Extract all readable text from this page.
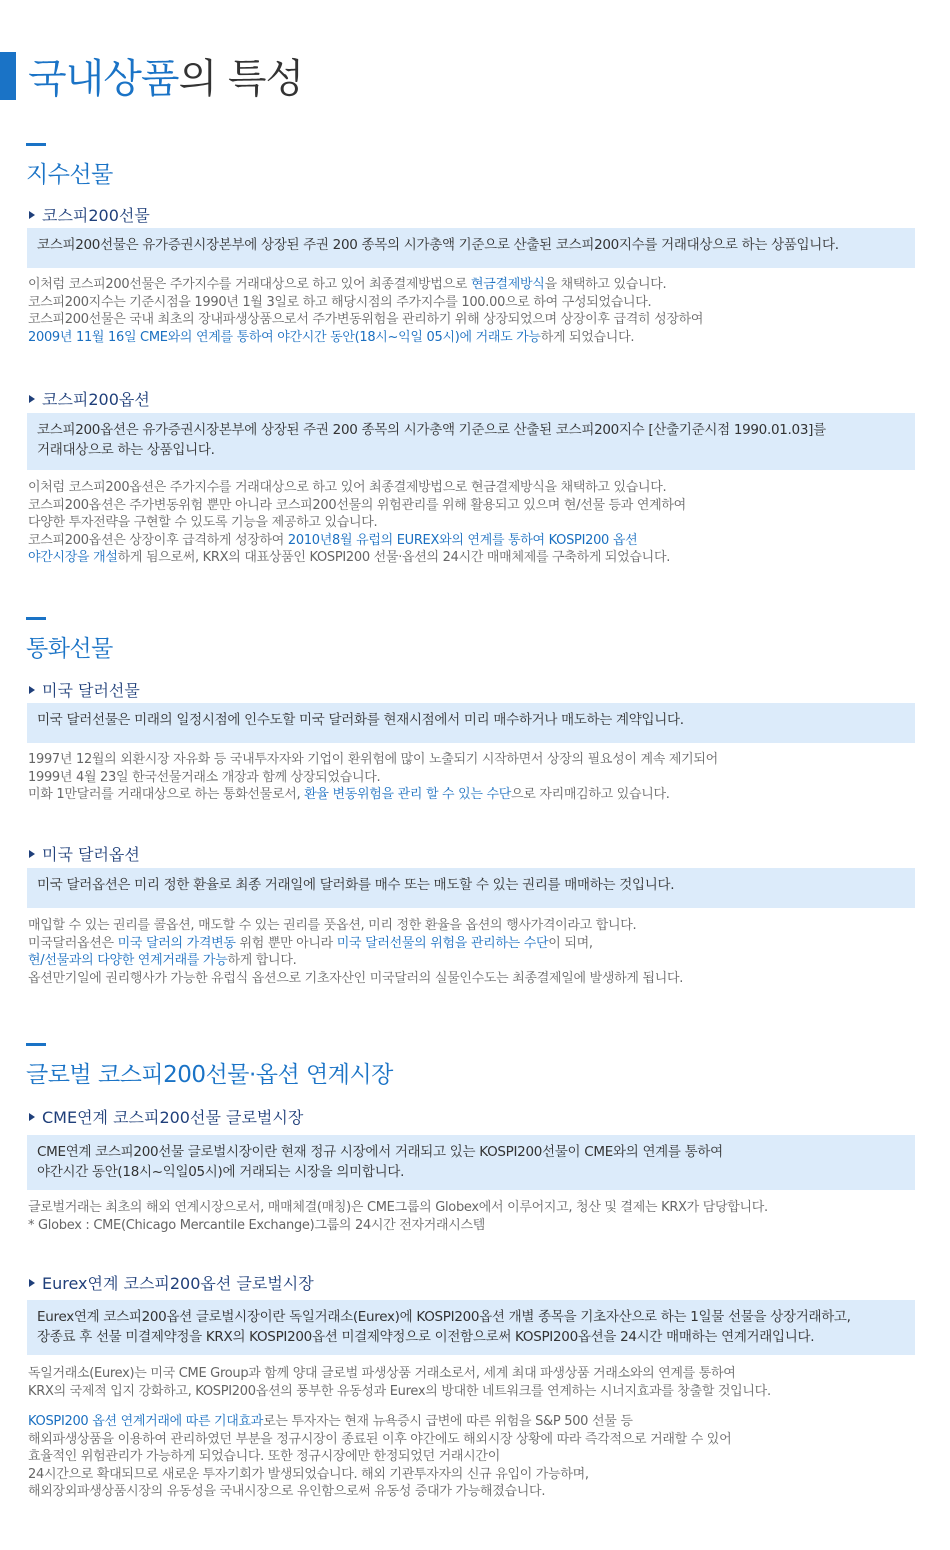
국내상품의 특성
지수선물
코스피200선물
코스피200선물은 유가증권시장본부에 상장된 주권 200 종목의 시가총액 기준으로 산출된 코스피200지수를 거래대상으로 하는 상품입니다.
이처럼 코스피200선물은 주가지수를 거래대상으로 하고 있어 최종결제방법으로 현금결제방식을 채택하고 있습니다.
코스피200지수는 기준시점을 1990년 1월 3일로 하고 해당시점의 주가지수를 100.00으로 하여 구성되었습니다.
코스피200선물은 국내 최초의 장내파생상품으로서 주가변동위험을 관리하기 위해 상장되었으며 상장이후 급격히 성장하여
2009년 11월 16일 CME와의 연계를 통하여 야간시간 동안(18시~익일 05시)에 거래도 가능하게 되었습니다.
코스피200옵션
코스피200옵션은 유가증권시장본부에 상장된 주권 200 종목의 시가총액 기준으로 산출된 코스피200지수 [산출기준시점 1990.01.03]를
거래대상으로 하는 상품입니다.
이처럼 코스피200옵션은 주가지수를 거래대상으로 하고 있어 최종결제방법으로 현금결제방식을 채택하고 있습니다.
코스피200옵션은 주가변동위험 뿐만 아니라 코스피200선물의 위험관리를 위해 활용되고 있으며 현/선물 등과 연계하여
다양한 투자전략을 구현할 수 있도록 기능을 제공하고 있습니다.
코스피200옵션은 상장이후 급격하게 성장하여 2010년8월 유럽의 EUREX와의 연계를 통하여 KOSPI200 옵션
야간시장을 개설하게 됨으로써, KRX의 대표상품인 KOSPI200 선물·옵션의 24시간 매매체제를 구축하게 되었습니다.
통화선물
미국 달러선물
미국 달러선물은 미래의 일정시점에 인수도할 미국 달러화를 현재시점에서 미리 매수하거나 매도하는 계약입니다.
1997년 12월의 외환시장 자유화 등 국내투자자와 기업이 환위험에 많이 노출되기 시작하면서 상장의 필요성이 계속 제기되어
1999년 4월 23일 한국선물거래소 개장과 함께 상장되었습니다.
미화 1만달러를 거래대상으로 하는 통화선물로서, 환율 변동위험을 관리 할 수 있는 수단으로 자리매김하고 있습니다.
미국 달러옵션
미국 달러옵션은 미리 정한 환율로 최종 거래일에 달러화를 매수 또는 매도할 수 있는 권리를 매매하는 것입니다.
매입할 수 있는 권리를 콜옵션, 매도할 수 있는 권리를 풋옵션, 미리 정한 환율을 옵션의 행사가격이라고 합니다.
미국달러옵션은 미국 달러의 가격변동 위험 뿐만 아니라 미국 달러선물의 위험을 관리하는 수단이 되며,
현/선물과의 다양한 연계거래를 가능하게 합니다.
옵션만기일에 권리행사가 가능한 유럽식 옵션으로 기초자산인 미국달러의 실물인수도는 최종결제일에 발생하게 됩니다.
글로벌 코스피200선물·옵션 연계시장
CME연계 코스피200선물 글로벌시장
CME연계 코스피200선물 글로벌시장이란 현재 정규 시장에서 거래되고 있는 KOSPI200선물이 CME와의 연계를 통하여
야간시간 동안(18시~익일05시)에 거래되는 시장을 의미합니다.
글로벌거래는 최초의 해외 연계시장으로서, 매매체결(매칭)은 CME그룹의 Globex에서 이루어지고, 청산 및 결제는 KRX가 담당합니다.
* Globex : CME(Chicago Mercantile Exchange)그룹의 24시간 전자거래시스템
Eurex연계 코스피200옵션 글로벌시장
Eurex연계 코스피200옵션 글로벌시장이란 독일거래소(Eurex)에 KOSPI200옵션 개별 종목을 기초자산으로 하는 1일물 선물을 상장거래하고,
장종료 후 선물 미결제약정을 KRX의 KOSPI200옵션 미결제약정으로 이전함으로써 KOSPI200옵션을 24시간 매매하는 연계거래입니다.
독일거래소(Eurex)는 미국 CME Group과 함께 양대 글로벌 파생상품 거래소로서, 세계 최대 파생상품 거래소와의 연계를 통하여
KRX의 국제적 입지 강화하고, KOSPI200옵션의 풍부한 유동성과 Eurex의 방대한 네트워크를 연계하는 시너지효과를 창출할 것입니다.
KOSPI200 옵션 연계거래에 따른 기대효과로는 투자자는 현재 뉴욕증시 급변에 따른 위험을 S&P 500 선물 등
해외파생상품을 이용하여 관리하였던 부분을 정규시장이 종료된 이후 야간에도 해외시장 상황에 따라 즉각적으로 거래할 수 있어
효율적인 위험관리가 가능하게 되었습니다. 또한 정규시장에만 한정되었던 거래시간이
24시간으로 확대되므로 새로운 투자기회가 발생되었습니다. 해외 기관투자자의 신규 유입이 가능하며,
해외장외파생상품시장의 유동성을 국내시장으로 유인함으로써 유동성 증대가 가능해졌습니다.
